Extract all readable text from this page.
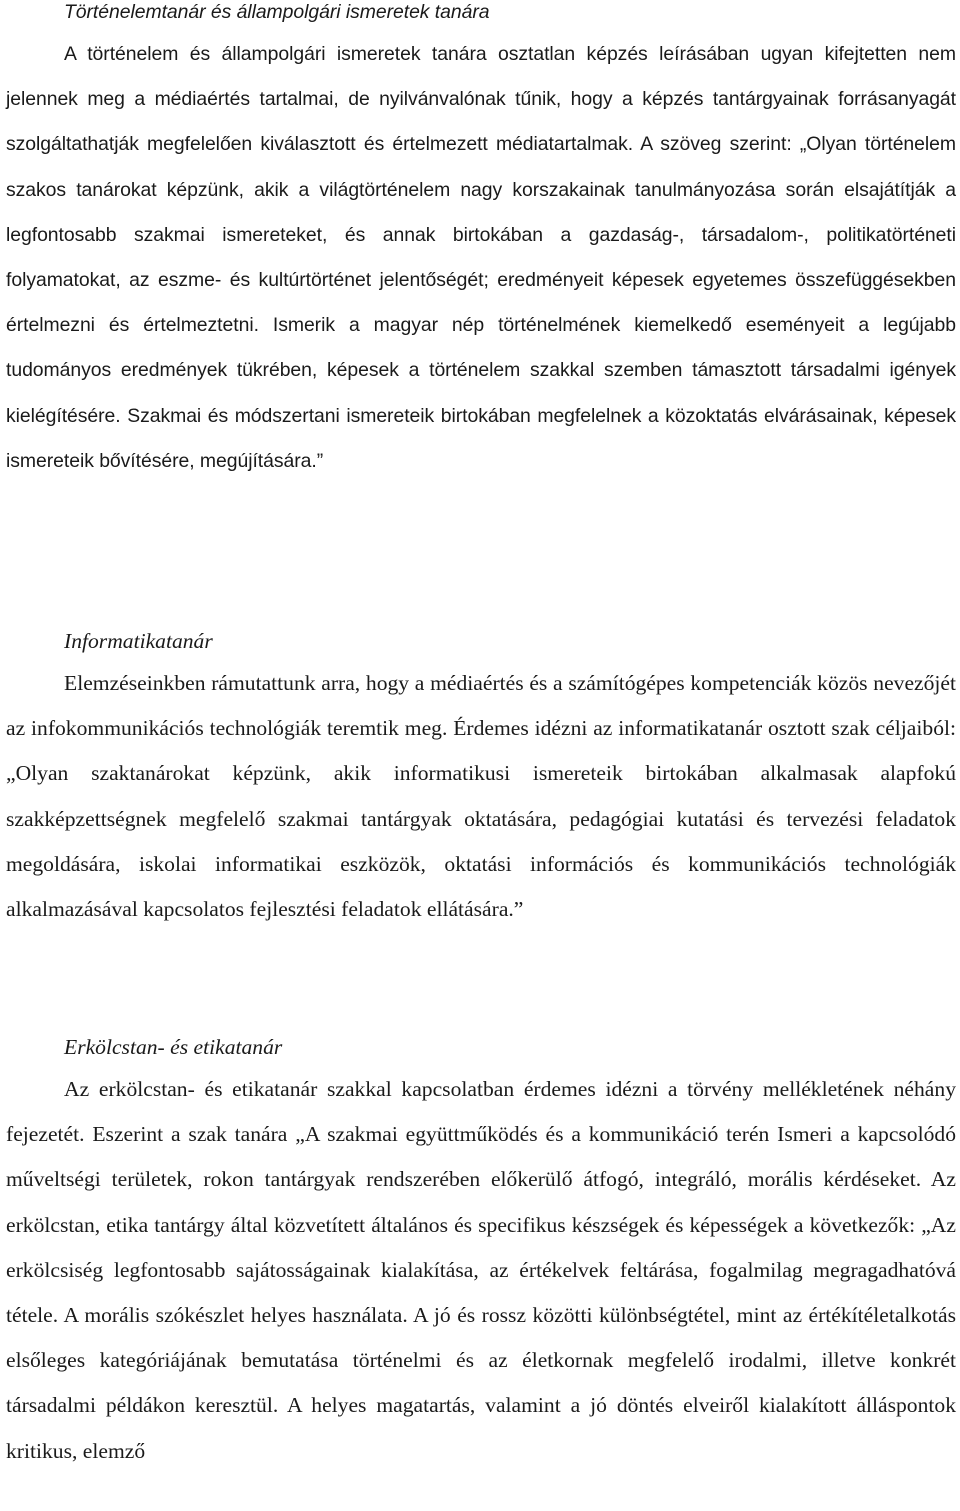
Történelemtanár és állampolgári ismeretek tanára

A történelem és állampolgári ismeretek tanára osztatlan képzés leírásában ugyan kifejtetten nem jelennek meg a médiaértés tartalmai, de nyilvánvalónak tűnik, hogy a képzés tantárgyainak forrásanyagát szolgáltathatják megfelelően kiválasztott és értelmezett médiatartalmak. A szöveg szerint: „Olyan történelem szakos tanárokat képzünk, akik a világtörténelem nagy korszakainak tanulmányozása során elsajátítják a legfontosabb szakmai ismereteket, és annak birtokában a gazdaság-, társadalom-, politikatörténeti folyamatokat, az eszme- és kultúrtörténet jelentőségét; eredményeit képesek egyetemes összefüggésekben értelmezni és értelmeztetni. Ismerik a magyar nép történelmének kiemelkedő eseményeit a legújabb tudományos eredmények tükrében, képesek a történelem szakkal szemben támasztott társadalmi igények kielégítésére. Szakmai és módszertani ismereteik birtokában megfelelnek a közoktatás elvárásainak, képesek ismereteik bővítésére, megújítására.”

Informatikatanár

Elemzéseinkben rámutattunk arra, hogy a médiaértés és a számítógépes kompetenciák közös nevezőjét az infokommunikációs technológiák teremtik meg. Érdemes idézni az informatikatanár osztott szak céljaiból: „Olyan szaktanárokat képzünk, akik informatikusi ismereteik birtokában alkalmasak alapfokú szakképzettségnek megfelelő szakmai tantárgyak oktatására, pedagógiai kutatási és tervezési feladatok megoldására, iskolai informatikai eszközök, oktatási információs és kommunikációs technológiák alkalmazásával kapcsolatos fejlesztési feladatok ellátására.”

Erkölcstan- és etikatanár

Az erkölcstan- és etikatanár szakkal kapcsolatban érdemes idézni a törvény mellékletének néhány fejezetét. Eszerint a szak tanára „A szakmai együttműködés és a kommunikáció terén Ismeri a kapcsolódó műveltségi területek, rokon tantárgyak rendszerében előkerülő átfogó, integráló, morális kérdéseket. Az erkölcstan, etika tantárgy által közvetített általános és specifikus készségek és képességek a következők: „Az erkölcsiség legfontosabb sajátosságainak kialakítása, az értékelvek feltárása, fogalmilag megragadhatóvá tétele. A morális szókészlet helyes használata. A jó és rossz közötti különbségtétel, mint az értékítéletalkotás elsőleges kategóriájának bemutatása történelmi és az életkornak megfelelő irodalmi, illetve konkrét társadalmi példákon keresztül. A helyes magatartás, valamint a jó döntés elveiről kialakított álláspontok kritikus, elemző
